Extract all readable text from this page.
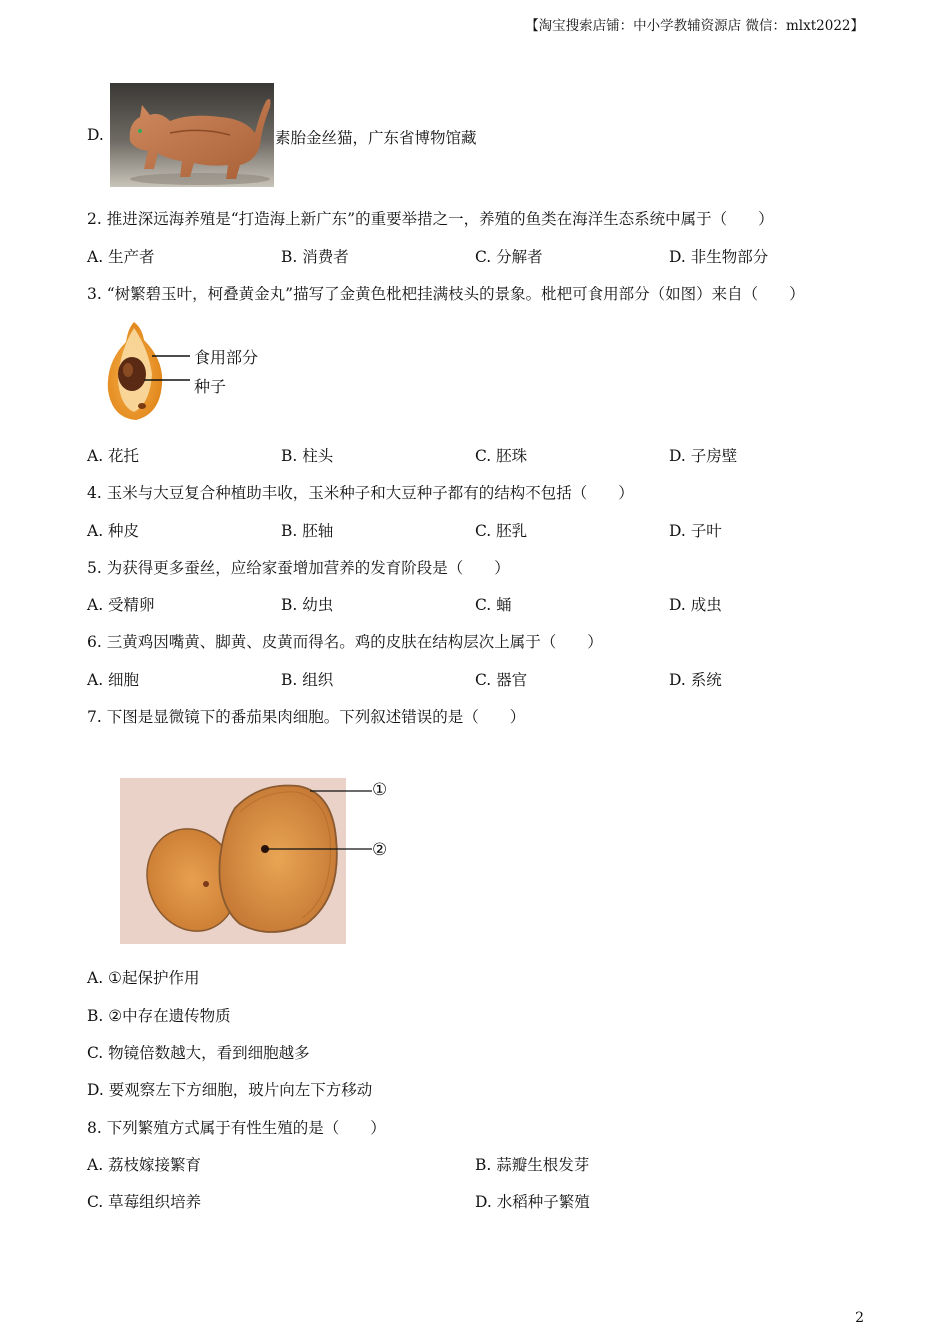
【淘宝搜索店铺：中小学教辅资源店 微信：mlxt2022】
D.	素胎金丝猫，广东省博物馆藏
2. 推进深远海养殖是“打造海上新广东”的重要举措之一，养殖的鱼类在海洋生态系统中属于（　　）
A. 生产者	B. 消费者	C. 分解者	D. 非生物部分
3. “树繁碧玉叶，柯叠黄金丸”描写了金黄色枇杷挂满枝头的景象。枇杷可食用部分（如图）来自（　　）
食用部分
种子
A. 花托	B. 柱头	C. 胚珠	D. 子房壁
4. 玉米与大豆复合种植助丰收，玉米种子和大豆种子都有的结构不包括（　　）
A. 种皮	B. 胚轴	C. 胚乳	D. 子叶
5. 为获得更多蚕丝，应给家蚕增加营养的发育阶段是（　　）
A. 受精卵	B. 幼虫	C. 蛹	D. 成虫
6. 三黄鸡因嘴黄、脚黄、皮黄而得名。鸡的皮肤在结构层次上属于（　　）
A. 细胞	B. 组织	C. 器官	D. 系统
7. 下图是显微镜下的番茄果肉细胞。下列叙述错误的是（　　）
①
②
A. ①起保护作用
B. ②中存在遗传物质
C. 物镜倍数越大，看到细胞越多
D. 要观察左下方细胞，玻片向左下方移动
8. 下列繁殖方式属于有性生殖的是（　　）
A. 荔枝嫁接繁育	B. 蒜瓣生根发芽
C. 草莓组织培养	D. 水稻种子繁殖
2
